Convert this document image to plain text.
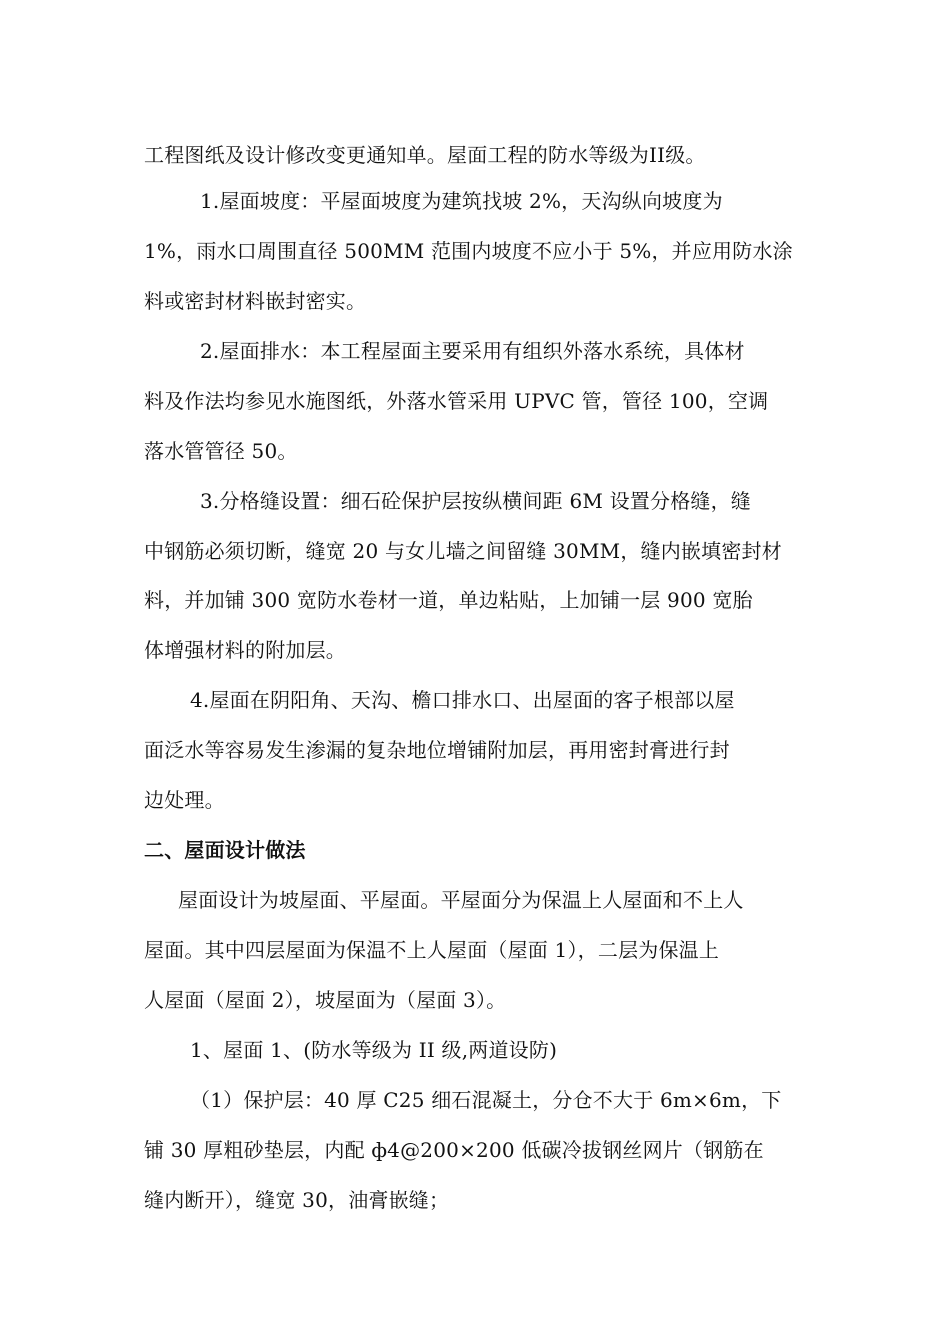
工程图纸及设计修改变更通知单。屋面工程的防水等级为II级。
1.屋面坡度：平屋面坡度为建筑找坡 2%，天沟纵向坡度为
1%，雨水口周围直径 500MM 范围内坡度不应小于 5%，并应用防水涂
料或密封材料嵌封密实。
2.屋面排水：本工程屋面主要采用有组织外落水系统，具体材
料及作法均参见水施图纸，外落水管采用 UPVC 管，管径 100，空调
落水管管径 50。
3.分格缝设置：细石砼保护层按纵横间距 6M 设置分格缝，缝
中钢筋必须切断，缝宽 20 与女儿墙之间留缝 30MM，缝内嵌填密封材
料，并加铺 300 宽防水卷材一道，单边粘贴，上加铺一层 900 宽胎
体增强材料的附加层。
4.屋面在阴阳角、天沟、檐口排水口、出屋面的客子根部以屋
面泛水等容易发生渗漏的复杂地位增铺附加层，再用密封膏进行封
边处理。
二、屋面设计做法
屋面设计为坡屋面、平屋面。平屋面分为保温上人屋面和不上人
屋面。其中四层屋面为保温不上人屋面（屋面 1），二层为保温上
人屋面（屋面 2），坡屋面为（屋面 3）。
1、屋面 1、(防水等级为 II 级,两道设防)
（1）保护层：40 厚 C25 细石混凝土，分仓不大于 6m×6m，下
铺 30 厚粗砂垫层，内配 ф4@200×200 低碳冷拔钢丝网片（钢筋在
缝内断开），缝宽 30，油膏嵌缝；
